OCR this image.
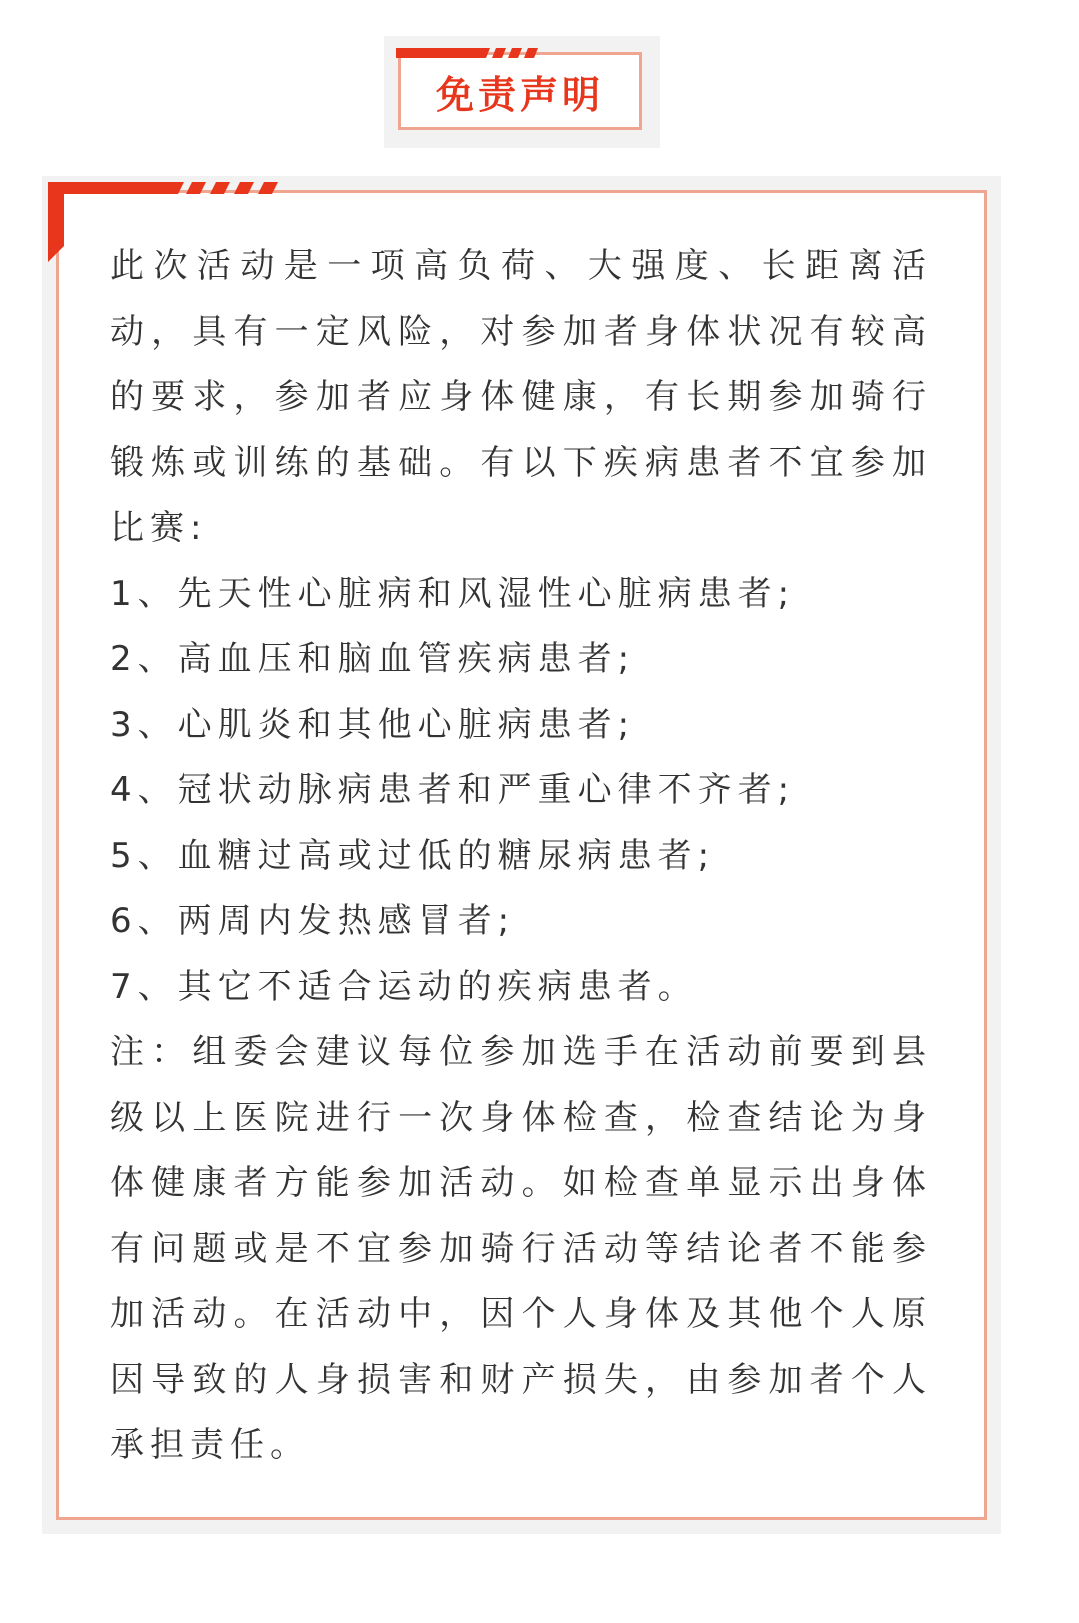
免责声明

此次活动是一项高负荷、大强度、长距离活动，具有一定风险，对参加者身体状况有较高的要求，参加者应身体健康，有长期参加骑行锻炼或训练的基础。有以下疾病患者不宜参加比赛:

1、先天性心脏病和风湿性心脏病患者;

2、高血压和脑血管疾病患者;

3、心肌炎和其他心脏病患者;

4、冠状动脉病患者和严重心律不齐者;

5、血糖过高或过低的糖尿病患者;

6、两周内发热感冒者;

7、其它不适合运动的疾病患者。

注：组委会建议每位参加选手在活动前要到县级以上医院进行一次身体检查，检查结论为身体健康者方能参加活动。如检查单显示出身体有问题或是不宜参加骑行活动等结论者不能参加活动。在活动中，因个人身体及其他个人原因导致的人身损害和财产损失，由参加者个人承担责任。
